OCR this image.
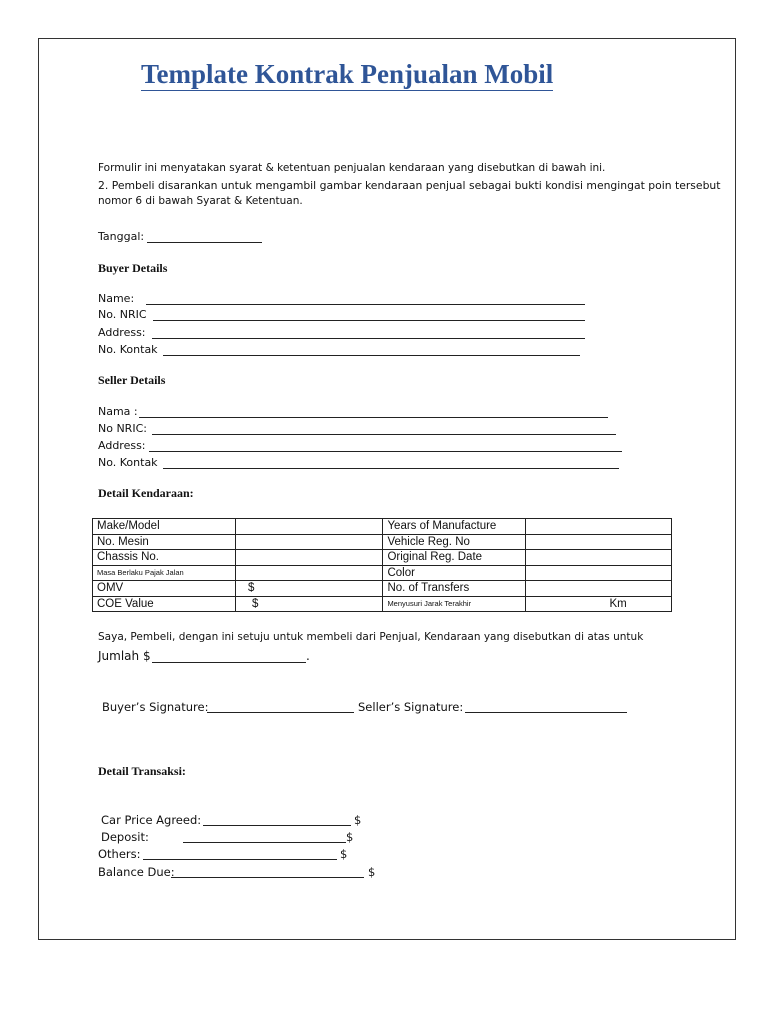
Template Kontrak Penjualan Mobil
Formulir ini menyatakan syarat & ketentuan penjualan kendaraan yang disebutkan di bawah ini.
2. Pembeli disarankan untuk mengambil gambar kendaraan penjual sebagai bukti kondisi mengingat poin tersebut
nomor 6 di bawah Syarat & Ketentuan.
Tanggal:
Buyer Details
Name:
No. NRIC
Address:
No. Kontak
Seller Details
Nama :
No NRIC:
Address:
No. Kontak
Detail Kendaraan:
Make/Model		Years of Manufacture	
No. Mesin		Vehicle Reg. No	
Chassis No.		Original Reg. Date	
Masa Berlaku Pajak Jalan		Color	
OMV	$	No. of Transfers	
COE Value	$	Menyusuri Jarak Terakhir	Km
Saya, Pembeli, dengan ini setuju untuk membeli dari Penjual, Kendaraan yang disebutkan di atas untuk
Jumlah $	.
Buyer’s Signature:	Seller’s Signature:
Detail Transaksi:
Car Price Agreed:	$
Deposit:	$
Others:	$
Balance Due:	$
